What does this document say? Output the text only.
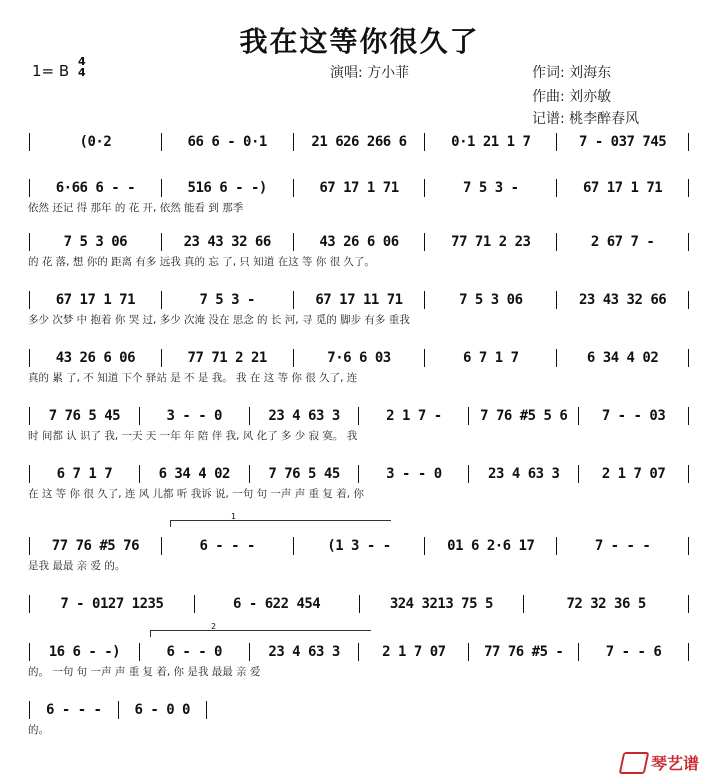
我在这等你很久了
1= B
4
4	演唱: 方小菲	作词: 刘海东
作曲: 刘亦敏
记谱: 桃李醉春风
(0·2	66 6 - 0·1	21 626 266 6	0·1 21 1 7	7 - 037 745
6·66 6 - -	516 6 - -)	67 17 1 71	7 5 3 -	67 17 1 71
依然 还记 得 那年 的 花 开, 依然 能看 到 那季
7 5 3 06	23 43 32 66	43 26 6 06	77 71 2 23	2 67 7 -
的 花 落, 想 你的 距离 有多 远我 真的 忘 了, 只 知道 在这 等 你 很 久了。
67 17 1 71	7 5 3 -	67 17 11 71	7 5 3 06	23 43 32 66
多少 次梦 中 抱着 你 哭 过, 多少 次淹 没在 思念 的 长 河, 寻 觅的 脚步 有多 重我
43 26 6 06	77 71 2 21	7·6 6 03	6 7 1 7	6 34 4 02
真的 累 了, 不 知道 下个 驿站 是 不 是 我。 我 在 这 等 你 很 久了, 连
7 76 5 45	3 - - 0	23 4 63 3	2 1 7 -	7 76 #5 5 6	7 - - 03
时 间都 认 识了 我, 一天 天 一年 年 陪 伴 我, 风 化了 多 少 寂 寞。 我
6 7 1 7	6 34 4 02	7 76 5 45	3 - - 0	23 4 63 3	2 1 7 07
在 这 等 你 很 久了, 连 风 儿都 听 我诉 说, 一句 句 一声 声 重 复 着, 你
77 76 #5 76	6 - - -	(1 3 - -	01 6 2·6 17	7 - - -
是我 最最 亲 爱 的。
7 - 0127 1235	6 - 622 454	324 3213 75 5	72 32 36 5
16 6 - -)	6 - - 0	23 4 63 3	2 1 7 07	77 76 #5 -	7 - - 6
的。 一句 句 一声 声 重 复 着, 你 是我 最最 亲 爱
6 - - -	6 - 0 0
的。
1
2
琴艺谱
